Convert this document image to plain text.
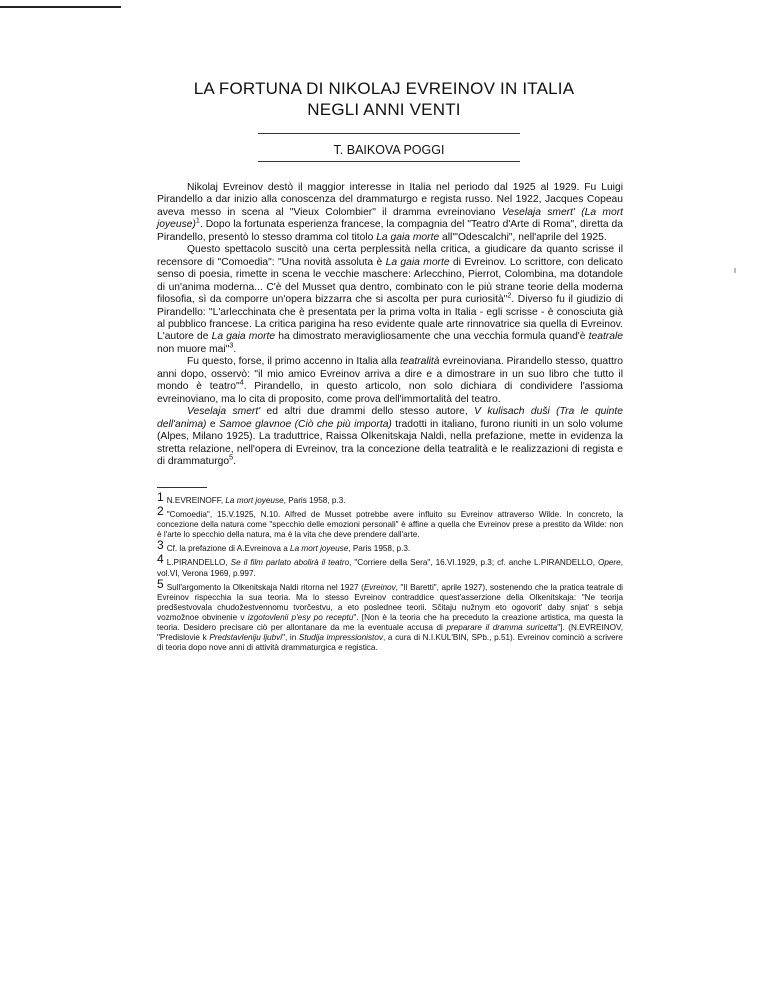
LA FORTUNA DI NIKOLAJ EVREINOV IN ITALIA
NEGLI ANNI VENTI
T. BAIKOVA POGGI

Nikolaj Evreinov destò il maggior interesse in Italia nel periodo dal 1925 al 1929. Fu Luigi Pirandello a dar inizio alla conoscenza del drammaturgo e regista russo. Nel 1922, Jacques Copeau aveva messo in scena al "Vieux Colombier" il dramma evreinoviano Veselaja smert' (La mort joyeuse)$^1$. Dopo la fortunata esperienza francese, la compagnia del "Teatro d'Arte di Roma", diretta da Pirandello, presentò lo stesso dramma col titolo La gaia morte all'"Odescalchi", nell'aprile del 1925.

Questo spettacolo suscitò una certa perplessità nella critica, a giudicare da quanto scrisse il recensore di "Comoedia": "Una novità assoluta è La gaia morte di Evreinov. Lo scrittore, con delicato senso di poesia, rimette in scena le vecchie maschere: Arlecchino, Pierrot, Colombina, ma dotandole di un'anima moderna... C'è del Musset qua dentro, combinato con le più strane teorie della moderna filosofia, sì da comporre un'opera bizzarra che si ascolta per pura curiosità"$^2$. Diverso fu il giudizio di Pirandello: "L'arlecchinata che è presentata per la prima volta in Italia - egli scrisse - è conosciuta già al pubblico francese. La critica parigina ha reso evidente quale arte rinnovatrice sia quella di Evreinov. L'autore de La gaia morte ha dimostrato meravigliosamente che una vecchia formula quand'è teatrale non muore mai"$^3$.

Fu questo, forse, il primo accenno in Italia alla teatralità evreinoviana. Pirandello stesso, quattro anni dopo, osservò: "il mio amico Evreinov arriva a dire e a dimostrare in un suo libro che tutto il mondo è teatro"$^4$. Pirandello, in questo articolo, non solo dichiara di condividere l'assioma evreinoviano, ma lo cita di proposito, come prova dell'immortalità del teatro.

Veselaja smert' ed altri due drammi dello stesso autore, V kulisach duši (Tra le quinte dell'anima) e Samoe glavnoe (Ciò che più importa) tradotti in italiano, furono riuniti in un solo volume (Alpes, Milano 1925). La traduttrice, Raissa Olkenitskaja Naldi, nella prefazione, mette in evidenza la stretta relazione, nell'opera di Evreinov, tra la concezione della teatralità e le realizzazioni di regista e di drammaturgo$^5$.

$^1$ N.EVREINOFF, La mort joyeuse, Paris 1958, p.3.

$^2$ "Comoedia", 15.V.1925, N.10. Alfred de Musset potrebbe avere influito su Evreinov attraverso Wilde. In concreto, la concezione della natura come "specchio delle emozioni personali" è affine a quella che Evreinov prese a prestito da Wilde: non è l'arte lo specchio della natura, ma è la vita che deve prendere dall'arte.

$^3$ Cf. la prefazione di A.Evreinova a La mort joyeuse, Paris 1958, p.3.

$^4$ L.PIRANDELLO, Se il film parlato abolirà il teatro, "Corriere della Sera", 16.VI.1929, p.3; cf. anche L.PIRANDELLO, Opere, vol.VI, Verona 1969, p.997.

$^5$ Sull'argomento la Olkenitskaja Naldi ritorna nel 1927 (Evreinov, "Il Baretti", aprile 1927), sostenendo che la pratica teatrale di Evreinov rispecchia la sua teoria. Ma lo stesso Evreinov contraddice quest'asserzione della Olkenitskaja: "Ne teorija predšestvovala chudožestvennomu tvorčestvu, a eto posledneе teorii. Sčitaju nužnym eto ogovorit' daby snjat' s sebja vozmožnoe obvinenie v izgotovlenii p'esy po receptu". [Non è la teoria che ha preceduto la creazione artistica, ma questa la teoria. Desidero precisare ciò per allontanare da me la eventuale accusa di preparare il dramma suricetta"]. (N.EVREINOV, "Predislovie k Predstavleniju ljubvi", in Studija impressionistov, a cura di N.I.KUL'BIN, SPb., p.51). Evreinov cominciò a scrivere di teoria dopo nove anni di attività drammaturgica e registica.
